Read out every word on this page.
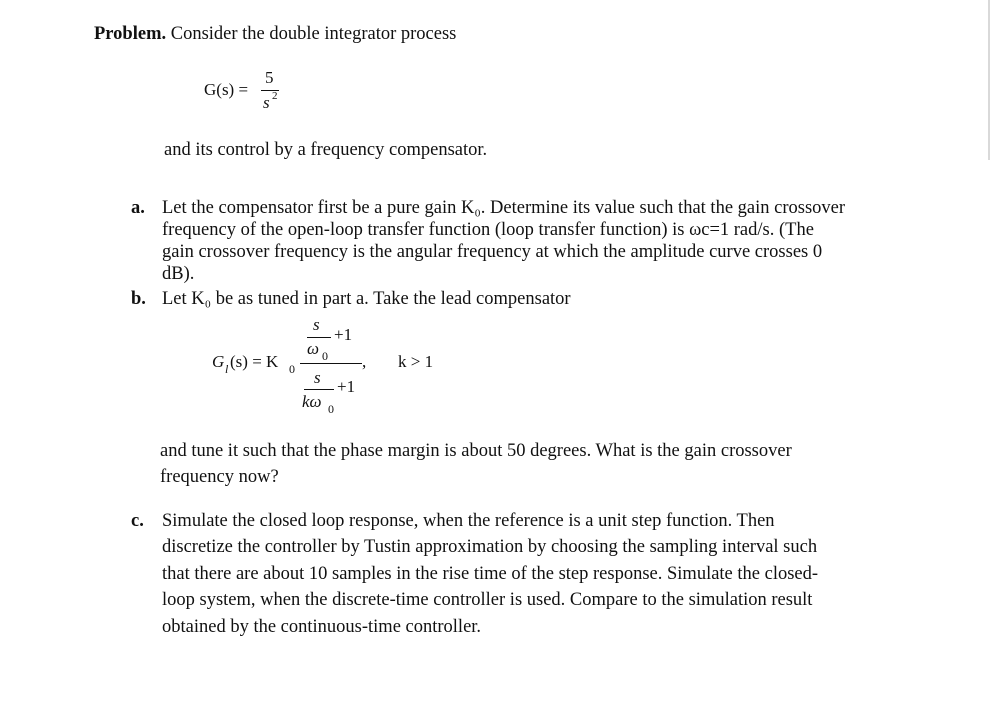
Problem. Consider the double integrator process
G(s) =
5
s 2
and its control by a frequency compensator.
a. Let the compensator first be a pure gain K₀. Determine its value such that the gain crossover
frequency of the open-loop transfer function (loop transfer function) is ωc=1 rad/s. (The
gain crossover frequency is the angular frequency at which the amplitude curve crosses 0
dB).
b. Let K₀ be as tuned in part a. Take the lead compensator
G l (s) = K 0
s
ω 0
+1
, k > 1
s
kω 0
+1
and tune it such that the phase margin is about 50 degrees. What is the gain crossover
frequency now?
c. Simulate the closed loop response, when the reference is a unit step function. Then
discretize the controller by Tustin approximation by choosing the sampling interval such
that there are about 10 samples in the rise time of the step response. Simulate the closed-
loop system, when the discrete-time controller is used. Compare to the simulation result
obtained by the continuous-time controller.
